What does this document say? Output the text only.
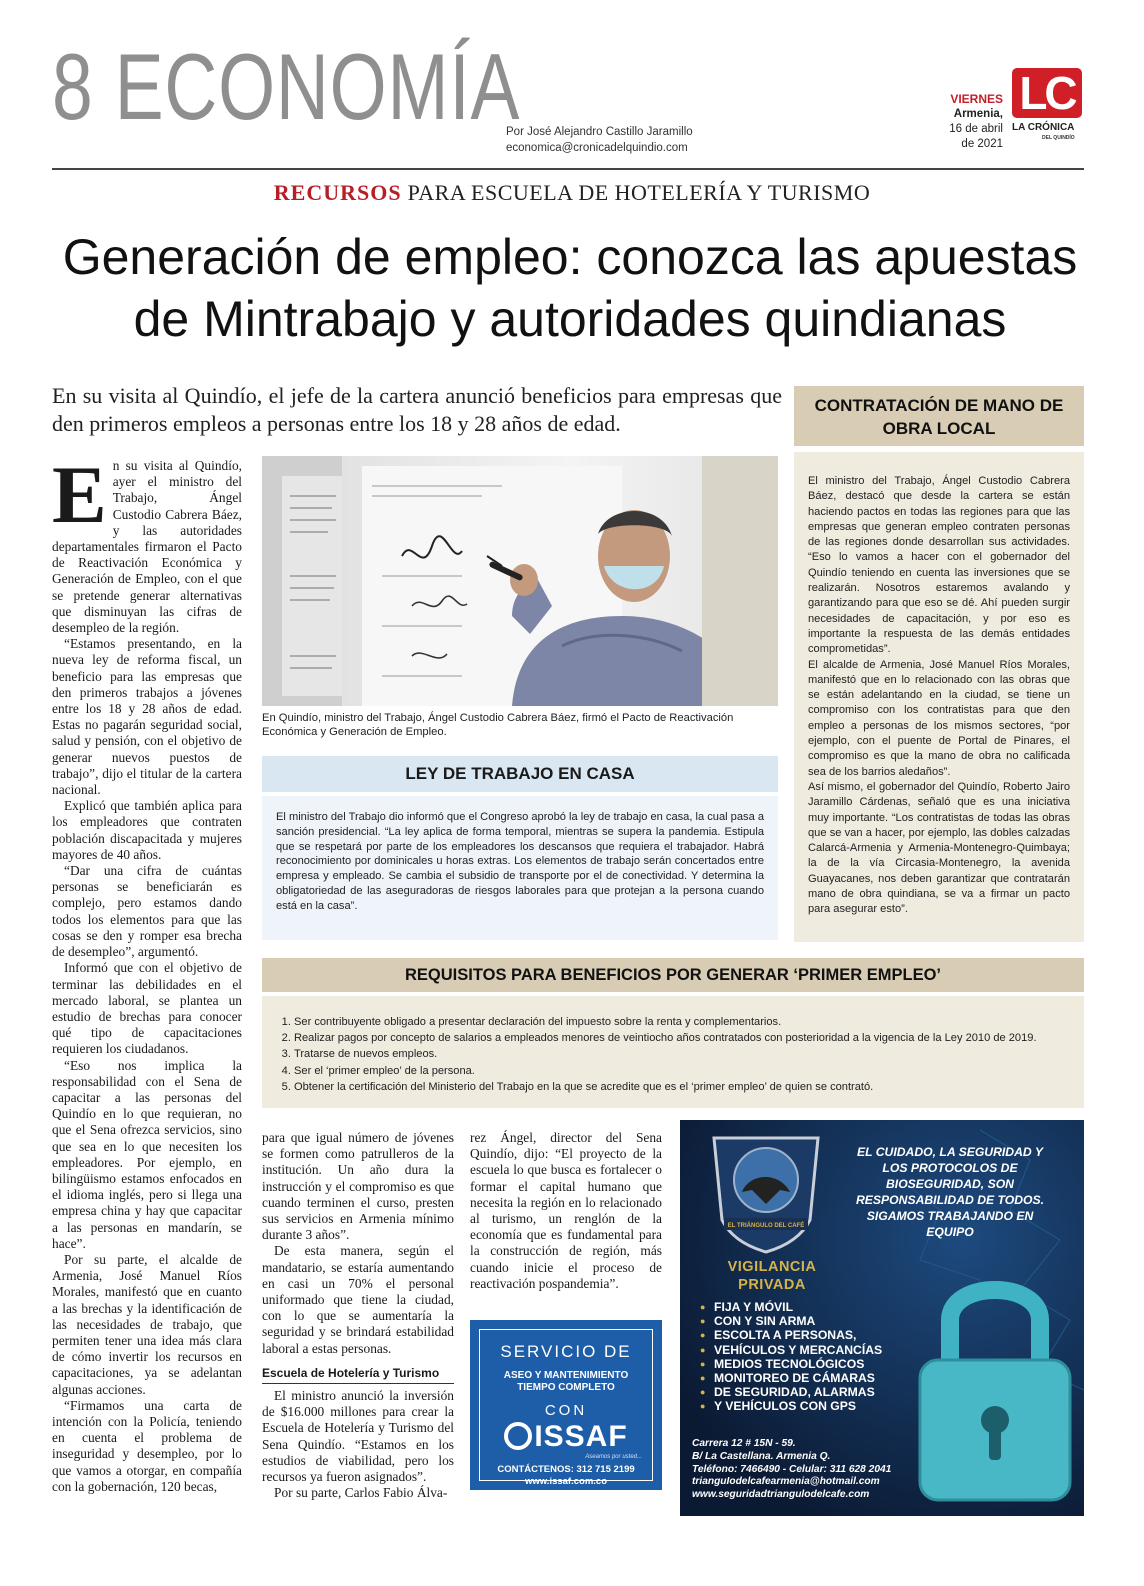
8 ECONOMÍA
Por José Alejandro Castillo Jaramillo
economica@cronicadelquindio.com
VIERNES
Armenia,
16 de abril
de 2021
LC
LA CRÓNICA
DEL QUINDÍO
RECURSOS PARA ESCUELA DE HOTELERÍA Y TURISMO
Generación de empleo: conozca las apuestas
de Mintrabajo y autoridades quindianas
En su visita al Quindío, el jefe de la cartera anunció beneficios para empresas que den primeros empleos a personas entre los 18 y 28 años de edad.

En su visita al Quindío, ayer el ministro del Trabajo, Ángel Custodio Cabrera Báez, y las autoridades departamentales firmaron el Pacto de Reactivación Económica y Generación de Empleo, con el que se pretende generar alternativas que disminuyan las cifras de desempleo de la región.

“Estamos presentando, en la nueva ley de reforma fiscal, un beneficio para las empresas que den primeros trabajos a jóvenes entre los 18 y 28 años de edad. Estas no pagarán seguridad social, salud y pensión, con el objetivo de generar nuevos puestos de trabajo”, dijo el titular de la cartera nacional.

Explicó que también aplica para los empleadores que contraten población discapacitada y mujeres mayores de 40 años.

“Dar una cifra de cuántas personas se beneficiarán es complejo, pero estamos dando todos los elementos para que las cosas se den y romper esa brecha de desempleo”, argumentó.

Informó que con el objetivo de terminar las debilidades en el mercado laboral, se plantea un estudio de brechas para conocer qué tipo de capacitaciones requieren los ciudadanos.

“Eso nos implica la responsabilidad con el Sena de capacitar a las personas del Quindío en lo que requieran, no que el Sena ofrezca servicios, sino que sea en lo que necesiten los empleadores. Por ejemplo, en bilingüismo estamos enfocados en el idioma inglés, pero si llega una empresa china y hay que capacitar a las personas en mandarín, se hace”.

Por su parte, el alcalde de Armenia, José Manuel Ríos Morales, manifestó que en cuanto a las brechas y la identificación de las necesidades de trabajo, que permiten tener una idea más clara de cómo invertir los recursos en capacitaciones, ya se adelantan algunas acciones.

“Firmamos una carta de intención con la Policía, teniendo en cuenta el problema de inseguridad y desempleo, por lo que vamos a otorgar, en compañía con la gobernación, 120 becas,

En Quindío, ministro del Trabajo, Ángel Custodio Cabrera Báez, firmó el Pacto de Reactivación Económica y Generación de Empleo.
LEY DE TRABAJO EN CASA
El ministro del Trabajo dio informó que el Congreso aprobó la ley de trabajo en casa, la cual pasa a sanción presidencial. “La ley aplica de forma temporal, mientras se supera la pandemia. Estipula que se respetará por parte de los empleadores los descansos que requiera el trabajador. Habrá reconocimiento por dominicales u horas extras. Los elementos de trabajo serán concertados entre empresa y empleado. Se cambia el subsidio de transporte por el de conectividad. Y determina la obligatoriedad de las aseguradoras de riesgos laborales para que protejan a la persona cuando está en la casa”.
CONTRATACIÓN DE MANO DE
OBRA LOCAL

El ministro del Trabajo, Ángel Custodio Cabrera Báez, destacó que desde la cartera se están haciendo pactos en todas las regiones para que las empresas que generan empleo contraten personas de las regiones donde desarrollan sus actividades. “Eso lo vamos a hacer con el gobernador del Quindío teniendo en cuenta las inversiones que se realizarán. Nosotros estaremos avalando y garantizando para que eso se dé. Ahí pueden surgir necesidades de capacitación, y por eso es importante la respuesta de las demás entidades comprometidas”.

El alcalde de Armenia, José Manuel Ríos Morales, manifestó que en lo relacionado con las obras que se están adelantando en la ciudad, se tiene un compromiso con los contratistas para que den empleo a personas de los mismos sectores, “por ejemplo, con el puente de Portal de Pinares, el compromiso es que la mano de obra no calificada sea de los barrios aledaños”.

Así mismo, el gobernador del Quindío, Roberto Jairo Jaramillo Cárdenas, señaló que es una iniciativa muy importante. “Los contratistas de todas las obras que se van a hacer, por ejemplo, las dobles calzadas Calarcá-Armenia y Armenia-Montenegro-Quimbaya; la de la vía Circasia-Montenegro, la avenida Guayacanes, nos deben garantizar que contratarán mano de obra quindiana, se va a firmar un pacto para asegurar esto”.

REQUISITOS PARA BENEFICIOS POR GENERAR ‘PRIMER EMPLEO’
1. Ser contribuyente obligado a presentar declaración del impuesto sobre la renta y complementarios.
2. Realizar pagos por concepto de salarios a empleados menores de veintiocho años contratados con posterioridad a la vigencia de la Ley 2010 de 2019.
3. Tratarse de nuevos empleos.
4. Ser el ‘primer empleo’ de la persona.
5. Obtener la certificación del Ministerio del Trabajo en la que se acredite que es el ‘primer empleo’ de quien se contrató.

para que igual número de jóvenes se formen como patrulleros de la institución. Un año dura la instrucción y el compromiso es que cuando terminen el curso, presten sus servicios en Armenia mínimo durante 3 años”.

De esta manera, según el mandatario, se estaría aumentando en casi un 70% el personal uniformado que tiene la ciudad, con lo que se aumentaría la seguridad y se brindará estabilidad laboral a estas personas.

Escuela de Hotelería y Turismo

El ministro anunció la inversión de $16.000 millones para crear la Escuela de Hotelería y Turismo del Sena Quindío. “Estamos en los estudios de viabilidad, pero los recursos ya fueron asignados”.

Por su parte, Carlos Fabio Álva-

rez Ángel, director del Sena Quindío, dijo: “El proyecto de la escuela lo que busca es fortalecer o formar el capital humano que necesita la región en lo relacionado al turismo, un renglón de la economía que es fundamental para la construcción de región, más cuando inicie el proceso de reactivación pospandemia”.

SERVICIO DE
ASEO Y MANTENIMIENTO
TIEMPO COMPLETO
CON
ISSAF
Aseamos por usted...
CONTÁCTENOS: 312 715 2199
www.issaf.com.co
EL TRIÁNGULO DEL CAFÉ
EL CUIDADO, LA SEGURIDAD Y
LOS PROTOCOLOS DE
BIOSEGURIDAD, SON
RESPONSABILIDAD DE TODOS.
SIGAMOS TRABAJANDO EN
EQUIPO
VIGILANCIA
PRIVADA
● FIJA Y MÓVIL
● CON Y SIN ARMA
● ESCOLTA A PERSONAS,
● VEHÍCULOS Y MERCANCÍAS
● MEDIOS TECNOLÓGICOS
● MONITOREO DE CÁMARAS
● DE SEGURIDAD, ALARMAS
● Y VEHÍCULOS CON GPS
Carrera 12 # 15N - 59.
B/ La Castellana. Armenia Q.
Teléfono: 7466490 - Celular: 311 628 2041
trianguIodelcafearmenia@hotmail.com
www.seguridadtriangulodelcafe.com
